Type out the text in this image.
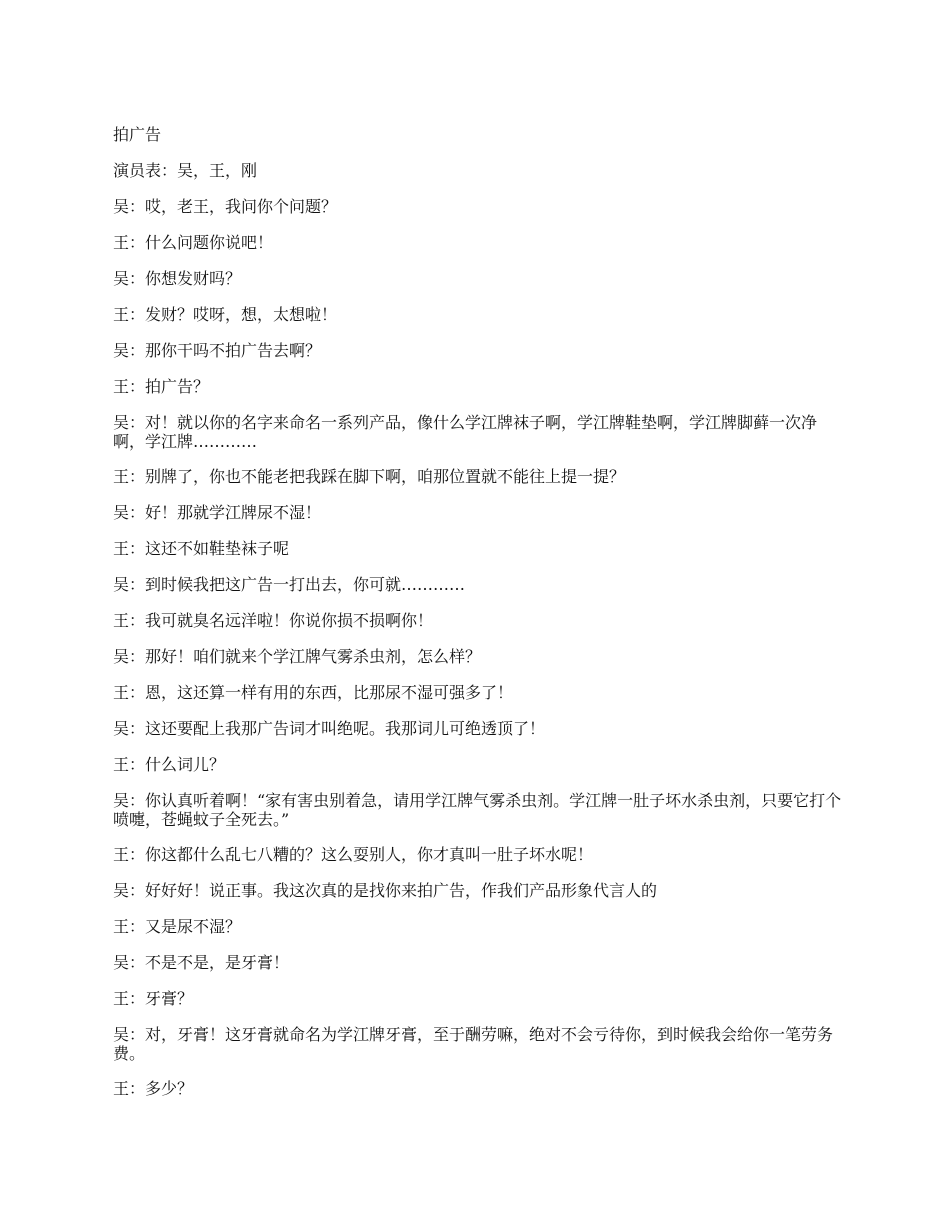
拍广告

演员表：吴，王，刚

吴：哎，老王，我问你个问题？

王：什么问题你说吧！

吴：你想发财吗？

王：发财？哎呀，想，太想啦！

吴：那你干吗不拍广告去啊？

王：拍广告？

吴：对！就以你的名字来命名一系列产品，像什么学江牌袜子啊，学江牌鞋垫啊，学江牌脚藓一次净啊，学江牌…………

王：别牌了，你也不能老把我踩在脚下啊，咱那位置就不能往上提一提？

吴：好！那就学江牌尿不湿！

王：这还不如鞋垫袜子呢

吴：到时候我把这广告一打出去，你可就…………

王：我可就臭名远洋啦！你说你损不损啊你！

吴：那好！咱们就来个学江牌气雾杀虫剂，怎么样？

王：恩，这还算一样有用的东西，比那尿不湿可强多了！

吴：这还要配上我那广告词才叫绝呢。我那词儿可绝透顶了！

王：什么词儿？

吴：你认真听着啊！“家有害虫别着急，请用学江牌气雾杀虫剂。学江牌一肚子坏水杀虫剂，只要它打个喷嚏，苍蝇蚊子全死去。”

王：你这都什么乱七八糟的？这么耍别人，你才真叫一肚子坏水呢！

吴：好好好！说正事。我这次真的是找你来拍广告，作我们产品形象代言人的

王：又是尿不湿？

吴：不是不是，是牙膏！

王：牙膏？

吴：对，牙膏！这牙膏就命名为学江牌牙膏，至于酬劳嘛，绝对不会亏待你，到时候我会给你一笔劳务费。

王：多少？
